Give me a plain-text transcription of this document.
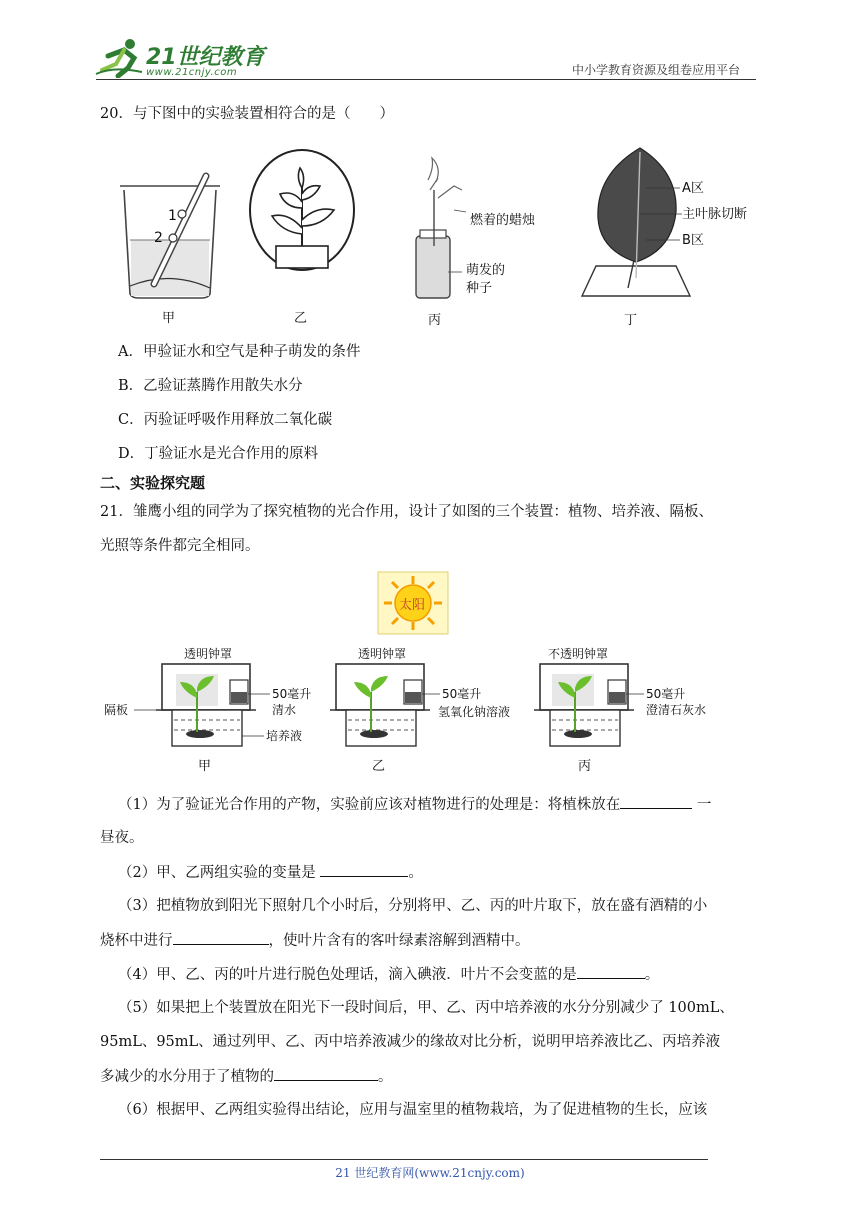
21世纪教育
www.21cnjy.com	中小学教育资源及组卷应用平台
20．与下图中的实验装置相符合的是（　　）
1
2
甲	乙
燃着的蜡烛
萌发的
种子
丙
A区
主叶脉切断
B区
丁
A．甲验证水和空气是种子萌发的条件
B．乙验证蒸腾作用散失水分
C．丙验证呼吸作用释放二氧化碳
D．丁验证水是光合作用的原料
二、实验探究题
21．雏鹰小组的同学为了探究植物的光合作用，设计了如图的三个装置：植物、培养液、隔板、
光照等条件都完全相同。
太阳
透明钟罩
50毫升
清水
隔板
培养液
甲
透明钟罩
50毫升
氢氧化钠溶液
乙
不透明钟罩
50毫升
澄清石灰水
丙
（1）为了验证光合作用的产物，实验前应该对植物进行的处理是：将植株放在	一
昼夜。
（2）甲、乙两组实验的变量是	。
（3）把植物放到阳光下照射几个小时后，分别将甲、乙、丙的叶片取下，放在盛有酒精的小
烧杯中进行	，使叶片含有的客叶绿素溶解到酒精中。
（4）甲、乙、丙的叶片进行脱色处理话，滴入碘液．叶片不会变蓝的是	。
（5）如果把上个装置放在阳光下一段时间后，甲、乙、丙中培养液的水分分别减少了 100mL、
95mL、95mL、通过列甲、乙、丙中培养液减少的缘故对比分析，说明甲培养液比乙、丙培养液
多减少的水分用于了植物的	。
（6）根据甲、乙两组实验得出结论，应用与温室里的植物栽培，为了促进植物的生长，应该
21 世纪教育网(www.21cnjy.com)
